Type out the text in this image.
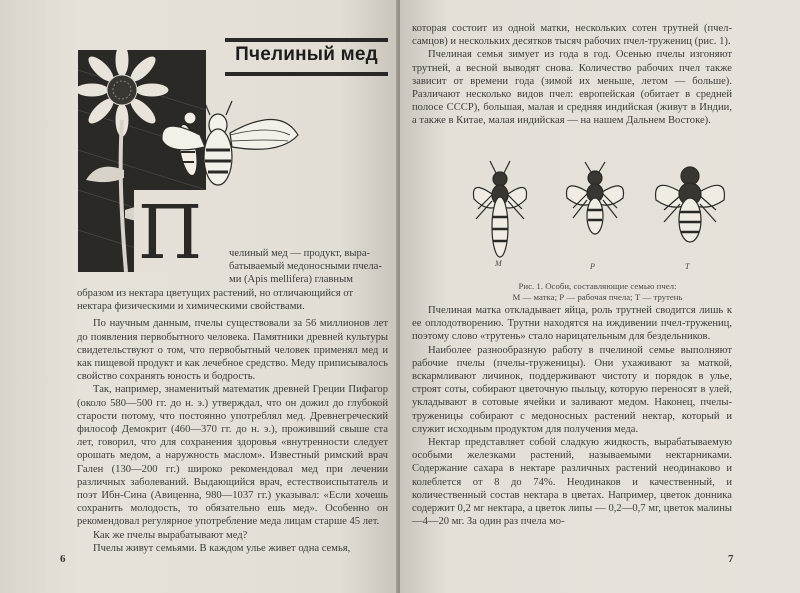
Пчелиный мед
П	челиный мед — продукт, выра-

батываемый медоносными пчела-

ми (Apis mellifera) главным

образом из нектара цветущих растений, но отличающийся от

нектара физическими и химическими свойствами.

По научным данным, пчелы существовали за 56 миллионов лет до появления первобытного человека. Памятники древней культуры свидетельствуют о том, что первобытный человек применял мед и как пищевой продукт и как лечебное средство. Меду приписывалось свойство сохранять юность и бодрость.

Так, например, знаменитый математик древней Греции Пифагор (около 580—500 гг. до н. э.) утверждал, что он дожил до глубокой старости потому, что постоянно употреблял мед. Древнегреческий философ Демокрит (460—370 гг. до н. э.), проживший свыше ста лет, говорил, что для сохранения здоровья «внутренности следует орошать медом, а наружность маслом». Известный римский врач Гален (130—200 гг.) широко рекомендовал мед при лечении различных заболеваний. Выдающийся врач, естествоиспытатель и поэт Ибн-Сина (Авиценна, 980—1037 гг.) указывал: «Если хочешь сохранить молодость, то обязательно ешь мед». Особенно он рекомендовал регулярное употребление меда лицам старше 45 лет.

Как же пчелы вырабатывают мед?

Пчелы живут семьями. В каждом улье живет одна семья,

6

которая состоит из одной матки, нескольких сотен трутней (пчел-самцов) и нескольких десятков тысяч рабочих пчел-тружениц (рис. 1).

Пчелиная семья зимует из года в год. Осенью пчелы изгоняют трутней, а весной выводят снова. Количество рабочих пчел также зависит от времени года (зимой их меньше, летом — больше). Различают несколько видов пчел: европейская (обитает в средней полосе СССР), большая, малая и средняя индийская (живут в Индии, а также в Китае, малая индийская — на нашем Дальнем Востоке).

М	Р	Т
Рис. 1. Особи, составляющие семью пчел:
М — матка; Р — рабочая пчела; Т — трутень

Пчелиная матка откладывает яйца, роль трутней сводится лишь к ее оплодотворению. Трутни находятся на иждивении пчел-тружениц, поэтому слово «трутень» стало нарицательным для бездельников.

Наиболее разнообразную работу в пчелиной семье выполняют рабочие пчелы (пчелы-труженицы). Они ухаживают за маткой, вскармливают личинок, поддерживают чистоту и порядок в улье, строят соты, собирают цветочную пыльцу, которую переносят в улей, укладывают в сотовые ячейки и заливают медом. Наконец, пчелы-труженицы собирают с медоносных растений нектар, который и служит исходным продуктом для получения меда.

Нектар представляет собой сладкую жидкость, вырабатываемую особыми железками растений, называемыми нектарниками. Содержание сахара в нектаре различных растений неодинаково и колеблется от 8 до 74%. Неодинаков и качественный, и количественный состав нектара в цветах. Например, цветок донника содержит 0,2 мг нектара, а цветок липы — 0,2—0,7 мг, цветок малины—4—20 мг. За один раз пчела мо-

7
